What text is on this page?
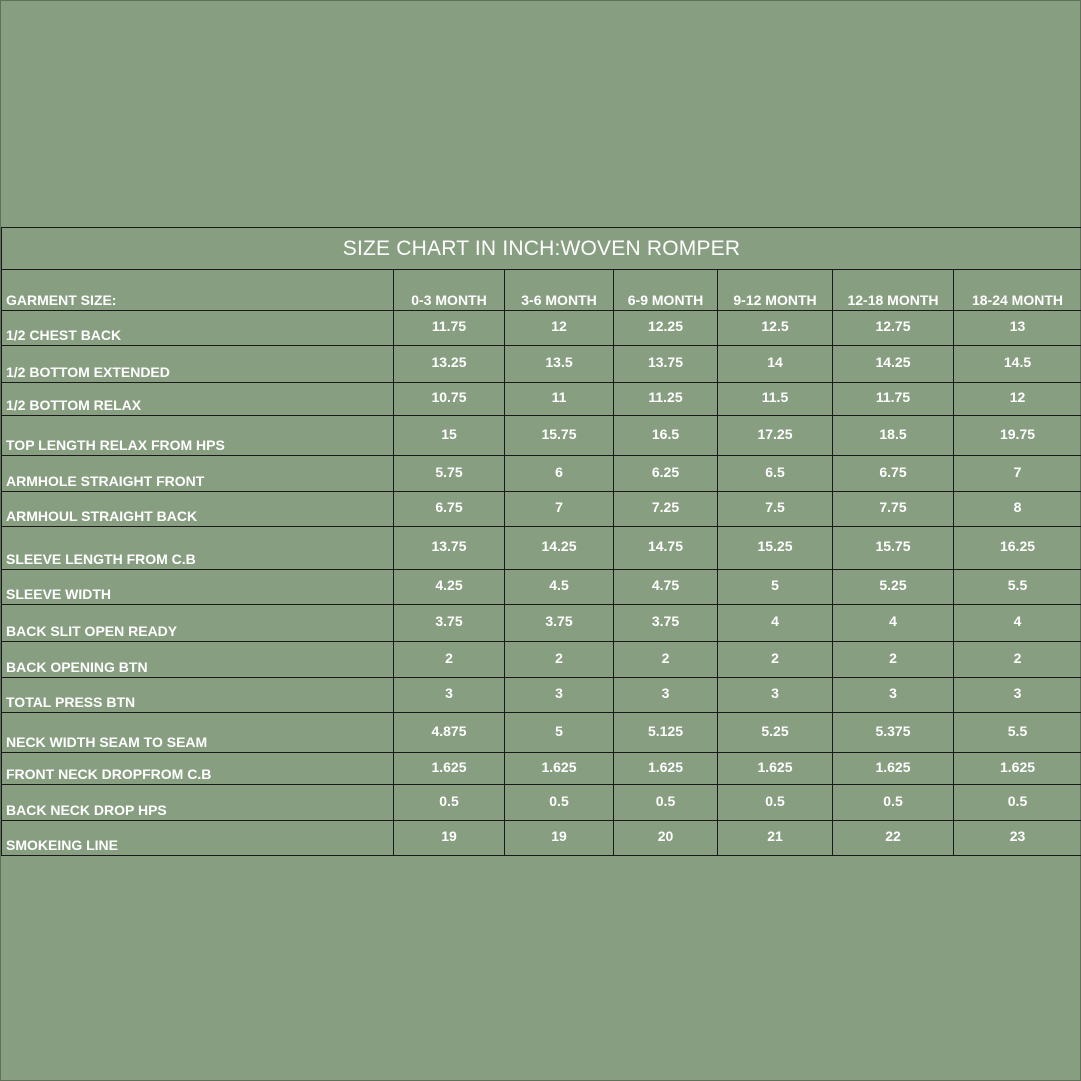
SIZE CHART IN INCH:WOVEN ROMPER						
GARMENT SIZE:	0-3 MONTH	3-6 MONTH	6-9 MONTH	9-12 MONTH	12-18 MONTH	18-24 MONTH
1/2 CHEST BACK	11.75	12	12.25	12.5	12.75	13
1/2 BOTTOM EXTENDED	13.25	13.5	13.75	14	14.25	14.5
1/2 BOTTOM RELAX	10.75	11	11.25	11.5	11.75	12
TOP LENGTH RELAX FROM HPS	15	15.75	16.5	17.25	18.5	19.75
ARMHOLE STRAIGHT FRONT	5.75	6	6.25	6.5	6.75	7
ARMHOUL STRAIGHT BACK	6.75	7	7.25	7.5	7.75	8
SLEEVE LENGTH FROM C.B	13.75	14.25	14.75	15.25	15.75	16.25
SLEEVE WIDTH	4.25	4.5	4.75	5	5.25	5.5
BACK SLIT OPEN READY	3.75	3.75	3.75	4	4	4
BACK OPENING BTN	2	2	2	2	2	2
TOTAL PRESS BTN	3	3	3	3	3	3
NECK WIDTH SEAM TO SEAM	4.875	5	5.125	5.25	5.375	5.5
FRONT NECK DROPFROM C.B	1.625	1.625	1.625	1.625	1.625	1.625
BACK NECK DROP HPS	0.5	0.5	0.5	0.5	0.5	0.5
SMOKEING LINE	19	19	20	21	22	23
